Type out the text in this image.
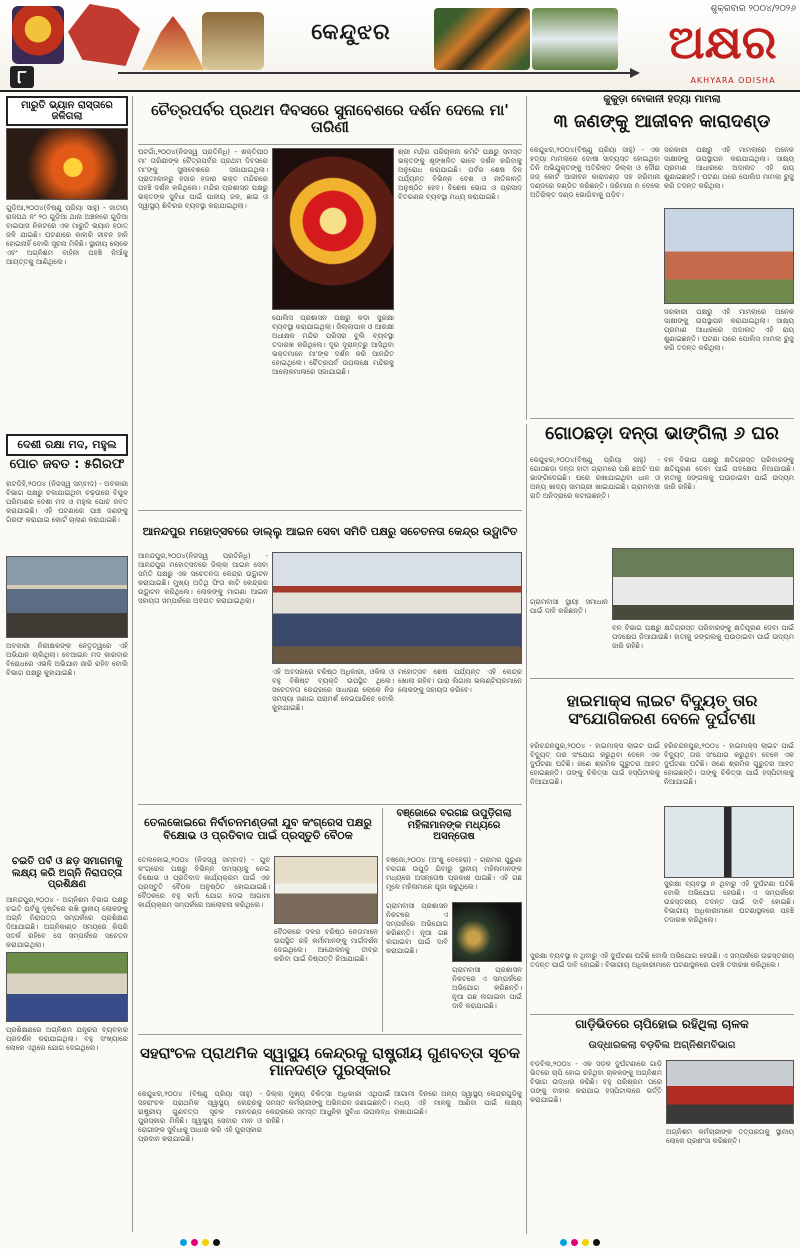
କେନ୍ଦୁଝର
ଶୁକ୍ରବାର ୨୦୦୪/୨୦୨୬
ଅକ୍ଷର
AKHYARA ODISHA
୮
ମାରୁତି ଭ୍ୟାନ ରାସ୍ତାରେ ଜଳିଗଲା
ଗୁଡ଼ିଆ,୨୦୦୪(ବିଷ୍ଣୁ ପ୍ରିୟା ସାହୁ) - ଜାତୀୟ ରାଜପଥ ନଂ ୨୦ ଗୁଡ଼ିଆ ଥାନା ଅଞ୍ଚଳରେ ଗୁଡ଼ିଆ ବାଇପାସ ନିକଟରେ ଏକ ମାରୁତି ଭ୍ୟାନ ହଠାତ୍ ଜଳି ଯାଇଛି। ଘଟଣାରେ କାହାରି ଜୀବନ ହାନି ହୋଇନାହିଁ ବୋଲି ସୂଚନା ମିଳିଛି। ସ୍ଥାନୀୟ ଲୋକେ ଏବଂ ଅଗ୍ନିଶମ ବାହିନୀ ପହଞ୍ଚି ନିଆଁକୁ ଆୟତ୍ତକୁ ଆଣିଥିଲେ।
ଦେଶୀ ରକ୍ଷା ମଦ, ମହୁଲ
ପୋଚ ଜବତ : ୫ଗିରଫ
ହାଟଡିହି,୨୦୦୪ (ନିଜସ୍ୱ ସମ୍ବାଦ) - ଅବକାରୀ ବିଭାଗ ପକ୍ଷରୁ ଚଳାଯାଇଥିବା ଚଢ଼ଉରେ ବିପୁଳ ପରିମାଣର ଦେଶୀ ମଦ ଓ ମହୁଲ ପୋଚ ଜବତ କରାଯାଇଛି। ଏହି ଘଟଣାରେ ପାଞ୍ଚ ଜଣଙ୍କୁ ଗିରଫ କରାଯାଇ କୋର୍ଟ ଚାଲାଣ କରାଯାଇଛି।
ଅବକାରୀ ନିରୀକ୍ଷକଙ୍କ ନେତୃତ୍ୱରେ ଏହି ଅଭିଯାନ ଚାଲିଥିଲା। ବେଆଇନ ମଦ କାରବାର ବିରୋଧରେ ଏଭଳି ଅଭିଯାନ ଜାରି ରହିବ ବୋଲି ବିଭାଗ ପକ୍ଷରୁ କୁହାଯାଇଛି।
ଚଇତି ପର୍ବ ଓ ଛଡ଼ ସମାଗମକୁ ଲକ୍ଷ୍ୟ କରି ଅଗ୍ନି ନିରାପତ୍ତା ପ୍ରଶିକ୍ଷଣ
ଆନନ୍ଦପୁର,୨୦୦୪ - ଅଗ୍ନିଶମ ବିଭାଗ ପକ୍ଷରୁ ଚଇତି ପର୍ବକୁ ଦୃଷ୍ଟିରେ ରଖି ସ୍ଥାନୀୟ ଲୋକଙ୍କୁ ଅଗ୍ନି ନିରାପତ୍ତା ସମ୍ପର୍କରେ ପ୍ରଶିକ୍ଷଣ ଦିଆଯାଇଛି। ଅଗ୍ନିକାଣ୍ଡ ସମୟରେ କିପରି ସତର୍କ ରହିବେ ସେ ସମ୍ପର୍କରେ ସଚେତନ କରାଯାଇଥିଲା।
ପ୍ରଶିକ୍ଷଣରେ ଅଗ୍ନିଶମ ଯନ୍ତ୍ରର ବ୍ୟବହାର ପ୍ରଦର୍ଶନ କରାଯାଇଥିଲା। ବହୁ ସଂଖ୍ୟାରେ ଲୋକେ ଏଥିରେ ଯୋଗ ଦେଇଥିଲେ।
ଚୈତ୍ରପର୍ବର ପ୍ରଥମ ଦିବସରେ ସୁନାବେଶରେ ଦର୍ଶନ ଦେଲେ ମା' ତାରିଣୀ
ଘଟଗାଁ,୨୦୦୪(ନିଜସ୍ୱ ପ୍ରତିନିଧି) - ଶକ୍ତିପୀଠ ମା' ତାରିଣୀଙ୍କ ଚୈତ୍ରପର୍ବର ପ୍ରଥମ ଦିବସରେ ମା'ଙ୍କୁ ସୁନାବେଶରେ ସଜାଯାଇଥିଲା। ପ୍ରାତଃକାଳରୁ ହଜାର ହଜାର ଭକ୍ତ ମନ୍ଦିରରେ ପହଞ୍ଚି ଦର୍ଶନ କରିଥିଲେ। ମନ୍ଦିର ପ୍ରଶାସନ ପକ୍ଷରୁ ଭକ୍ତଙ୍କ ସୁବିଧା ପାଇଁ ପାନୀୟ ଜଳ, ଛାଇ ଓ ସ୍ୱାସ୍ଥ୍ୟ ଶିବିରର ବ୍ୟବସ୍ଥା କରାଯାଇଥିଲା।
ପୋଲିସ ପ୍ରଶାସନ ପକ୍ଷରୁ କଡ଼ା ସୁରକ୍ଷା ବ୍ୟବସ୍ଥା କରାଯାଇଥିଲା। ଜିଲ୍ଲାପାଳ ଓ ଆରକ୍ଷୀ ଅଧୀକ୍ଷକ ମନ୍ଦିର ପରିସର ବୁଲି ବ୍ୟବସ୍ଥା ତଦାରଖ କରିଥିଲେ। ଦୂର ଦୂରାନ୍ତରୁ ଆସିଥିବା ଭକ୍ତମାନେ ମା'ଙ୍କ ଦର୍ଶନ କରି ଆନନ୍ଦିତ ହୋଇଥିଲେ। ଚୈତ୍ରପର୍ବ ଉପଲକ୍ଷେ ମନ୍ଦିରକୁ ଆଲୋକମାଳାରେ ସଜାଯାଇଛି।
ଶ୍ରୀ ମନ୍ଦିର ପରିଚାଳନା କମିଟି ପକ୍ଷରୁ ସମସ୍ତ ଭକ୍ତଙ୍କୁ ଶୃଙ୍ଖଳିତ ଭାବେ ଦର୍ଶନ କରିବାକୁ ଅନୁରୋଧ କରାଯାଇଛି। ପର୍ବର ଶେଷ ଦିନ ପର୍ଯ୍ୟନ୍ତ ବିଭିନ୍ନ ବେଶ ଓ ନୀତିକାନ୍ତି ଅନୁଷ୍ଠିତ ହେବ। ବିଶେଷ ଭୋଗ ଓ ପ୍ରସାଦ ବିତରଣର ବ୍ୟବସ୍ଥା ମଧ୍ୟ କରାଯାଇଛି।
କୁକୁଡ଼ା ବୋକାନୀ ହତ୍ୟା ମାମଲା
୩ ଜଣଙ୍କୁ ଆଜୀବନ କାରାଦଣ୍ଡ
କେନ୍ଦୁଝର,୨୦୦୪(ବିଷ୍ଣୁ ପ୍ରିୟା ସାହୁ) - ଏକ ହତ୍ୟା ମାମଲାରେ ଦୋଷୀ ସାବ୍ୟସ୍ତ ହୋଇଥିବା ତିନି ଅଭିଯୁକ୍ତଙ୍କୁ ଅତିରିକ୍ତ ଜିଲ୍ଲା ଓ ଦୌରା ଜଜ୍ କୋର୍ଟ ଆଜୀବନ କାରାଦଣ୍ଡ ସହ ଜରିମାନା ଦଣ୍ଡରେ ଦଣ୍ଡିତ କରିଛନ୍ତି। ଜରିମାନା ନ ଦେଲେ ଅତିରିକ୍ତ ଦଣ୍ଡ ଭୋଗିବାକୁ ପଡ଼ିବ।
ସରକାରୀ ପକ୍ଷରୁ ଏହି ମାମଲାରେ ଅନେକ ସାକ୍ଷୀଙ୍କୁ ଉପସ୍ଥାପନ କରାଯାଇଥିଲା। ସାକ୍ଷ୍ୟ ପ୍ରମାଣ ଆଧାରରେ ଅଦାଲତ ଏହି ରାୟ ଶୁଣାଇଛନ୍ତି। ଘଟଣା ପରେ ପୋଲିସ ମାମଲା ରୁଜୁ କରି ତଦନ୍ତ କରିଥିଲା।
ସରକାରୀ ପକ୍ଷରୁ ଏହି ମାମଲାରେ ଅନେକ ସାକ୍ଷୀଙ୍କୁ ଉପସ୍ଥାପନ କରାଯାଇଥିଲା। ସାକ୍ଷ୍ୟ ପ୍ରମାଣ ଆଧାରରେ ଅଦାଲତ ଏହି ରାୟ ଶୁଣାଇଛନ୍ତି। ଘଟଣା ପରେ ପୋଲିସ ମାମଲା ରୁଜୁ କରି ତଦନ୍ତ କରିଥିଲା।
ଆନନ୍ଦପୁର ମହୋତ୍ସବରେ ଡାଲ୍ଲୁ ଆଇନ ସେବା ସମିତି ପକ୍ଷରୁ ସଚେତନତା କେନ୍ଦ୍ର ଉଦ୍ଘାଟିତ
ଆନନ୍ଦପୁର,୨୦୦୪(ନିଜସ୍ୱ ପ୍ରତିନିଧି) - ଆନନ୍ଦପୁର ମହୋତ୍ସବରେ ଜିଲ୍ଲା ଆଇନ ସେବା ସମିତି ପକ୍ଷରୁ ଏକ ସଚେତନତା କେନ୍ଦ୍ର ଉଦ୍ଘାଟନ କରାଯାଇଛି। ମୁଖ୍ୟ ଅତିଥି ଫିତା କାଟି କେନ୍ଦ୍ରର ଉଦ୍ଘାଟନ କରିଥିଲେ। ଲୋକଙ୍କୁ ମାଗଣା ଆଇନ ସହାୟତା ସମ୍ପର୍କରେ ଅବଗତ କରାଯାଇଥିଲା।
ଏହି ଅବସରରେ ବରିଷ୍ଠ ଅଧିକାରୀ, ଓକିଲ ଓ ବହୁ ବିଶିଷ୍ଟ ବ୍ୟକ୍ତି ଉପସ୍ଥିତ ଥିଲେ। ସଚେତନତା କେନ୍ଦ୍ରରେ ସାଧାରଣ ଲୋକେ ନିଜ ସମସ୍ୟା ଜଣାଇ ପରାମର୍ଶ ନେଇପାରିବେ ବୋଲି କୁହାଯାଇଛି।
ମହୋତ୍ସବ ଶେଷ ପର୍ଯ୍ୟନ୍ତ ଏହି କେନ୍ଦ୍ର ଖୋଲା ରହିବ। ପାରା ଲିଗାଲ ଭଲଣ୍ଟିୟରମାନେ ଲୋକଙ୍କୁ ସହାୟତା କରିବେ।
ଗୋଠଛଡ଼ା ଦନ୍ତା ଭାଙ୍ଗିଲା ୬ ଘର
କେନ୍ଦୁଝର,୨୦୦୪(ବିଷ୍ଣୁ ପ୍ରିୟା ସାହୁ) - ଗୋଠଛଡ଼ା ଦନ୍ତା ହାତୀ ଗ୍ରାମରେ ପଶି ଛଅଟି ଘର ଭାଙ୍ଗିଦେଇଛି। ଘରେ ରଖାଯାଇଥିବା ଧାନ ଓ ଅନ୍ୟ ଖାଦ୍ୟ ସାମଗ୍ରୀ ଖାଇଯାଇଛି। ଗ୍ରାମବାସୀ ରାତି ଅନିଦ୍ରାରେ କଟାଉଛନ୍ତି।
ବନ ବିଭାଗ ପକ୍ଷରୁ କ୍ଷତିଗ୍ରସ୍ତ ପରିବାରଙ୍କୁ କ୍ଷତିପୂରଣ ଦେବା ପାଇଁ ପଦକ୍ଷେପ ନିଆଯାଉଛି। ହାତୀକୁ ଜଙ୍ଗଲକୁ ଘଉଡ଼ାଇବା ପାଇଁ ଉଦ୍ୟମ ଜାରି ରହିଛି।
ଗ୍ରାମବାସୀ ସ୍ଥାୟୀ ସମାଧାନ ପାଇଁ ଦାବି କରିଛନ୍ତି।
ବନ ବିଭାଗ ପକ୍ଷରୁ କ୍ଷତିଗ୍ରସ୍ତ ପରିବାରଙ୍କୁ କ୍ଷତିପୂରଣ ଦେବା ପାଇଁ ପଦକ୍ଷେପ ନିଆଯାଉଛି। ହାତୀକୁ ଜଙ୍ଗଲକୁ ଘଉଡ଼ାଇବା ପାଇଁ ଉଦ୍ୟମ ଜାରି ରହିଛି।
ତେଲକୋଇରେ ନିର୍ବାଚନମଣ୍ଡଳୀ ଯୁବ କଂଗ୍ରେସ ପକ୍ଷରୁ ବିକ୍ଷୋଭ ଓ ପ୍ରତିବାଦ ପାଇଁ ପ୍ରସ୍ତୁତି ବୈଠକ
ତେଲକୋଇ,୨୦୦୪ (ନିଜସ୍ୱ ସମ୍ବାଦ) - ଯୁବ କଂଗ୍ରେସ ପକ୍ଷରୁ ବିଭିନ୍ନ ସମସ୍ୟାକୁ ନେଇ ବିକ୍ଷୋଭ ଓ ପ୍ରତିବାଦ କାର୍ଯ୍ୟକ୍ରମ ପାଇଁ ଏକ ପ୍ରସ୍ତୁତି ବୈଠକ ଅନୁଷ୍ଠିତ ହୋଇଯାଇଛି। ବୈଠକରେ ବହୁ କର୍ମୀ ଯୋଗ ଦେଇ ଆଗାମୀ କାର୍ଯ୍ୟକ୍ରମ ସମ୍ପର୍କରେ ଆଲୋଚନା କରିଥିଲେ।
ବୈଠକରେ ଦଳର ବରିଷ୍ଠ ନେତାମାନେ ଉପସ୍ଥିତ ରହି କର୍ମୀମାନଙ୍କୁ ମାର୍ଗଦର୍ଶନ ଦେଇଥିଲେ। ଆନ୍ଦୋଳନକୁ ତୀବ୍ର କରିବା ପାଇଁ ନିଷ୍ପତ୍ତି ନିଆଯାଇଛି।
ବଞ୍ଜୋରେ ବରଗଛ ଉପୁଡ଼ିଗଲା ମହିଳାମାନଙ୍କ ମଧ୍ୟରେ ଅସନ୍ତୋଷ
ବଞ୍ଜୋ,୨୦୦୪ (ଅଂଶୁ ବେହେରା) - ଗ୍ରାମର ପୁରୁଣା ବରଗଛ ଉପୁଡ଼ି ଯିବାରୁ ସ୍ଥାନୀୟ ମହିଳାମାନଙ୍କ ମଧ୍ୟରେ ଅସନ୍ତୋଷ ପ୍ରକାଶ ପାଇଛି। ଏହି ଗଛ ମୂଳେ ମହିଳାମାନେ ପୂଜା କରୁଥିଲେ।
ଗ୍ରାମବାସୀ ପ୍ରଶାସନ ନିକଟରେ ଏ ସମ୍ପର୍କରେ ଅଭିଯୋଗ କରିଛନ୍ତି। ନୂଆ ଗଛ ଲଗାଇବା ପାଇଁ ଦାବି କରାଯାଇଛି।
ଗ୍ରାମବାସୀ ପ୍ରଶାସନ ନିକଟରେ ଏ ସମ୍ପର୍କରେ ଅଭିଯୋଗ କରିଛନ୍ତି। ନୂଆ ଗଛ ଲଗାଇବା ପାଇଁ ଦାବି କରାଯାଇଛି।
ହାଇମାକ୍ସ ଲାଇଟ ବିଦ୍ୟୁତ୍ ତାର ସଂଯୋଗିକରଣ ବେଳେ ଦୁର୍ଘଟଣା
ହରିଚନ୍ଦନପୁର,୨୦୦୪ - ହାଇମାକ୍ସ ଲାଇଟ ପାଇଁ ବିଦ୍ୟୁତ୍ ତାର ସଂଯୋଗ କରୁଥିବା ବେଳେ ଏକ ଦୁର୍ଘଟଣା ଘଟିଛି। ଜଣେ ଶ୍ରମିକ ଗୁରୁତର ଆହତ ହୋଇଛନ୍ତି। ତାଙ୍କୁ ଚିକିତ୍ସା ପାଇଁ ହସ୍ପିଟାଲକୁ ନିଆଯାଇଛି।
ହରିଚନ୍ଦନପୁର,୨୦୦୪ - ହାଇମାକ୍ସ ଲାଇଟ ପାଇଁ ବିଦ୍ୟୁତ୍ ତାର ସଂଯୋଗ କରୁଥିବା ବେଳେ ଏକ ଦୁର୍ଘଟଣା ଘଟିଛି। ଜଣେ ଶ୍ରମିକ ଗୁରୁତର ଆହତ ହୋଇଛନ୍ତି। ତାଙ୍କୁ ଚିକିତ୍ସା ପାଇଁ ହସ୍ପିଟାଲକୁ ନିଆଯାଇଛି।
ସୁରକ୍ଷା ବ୍ୟବସ୍ଥା ନ ଥିବାରୁ ଏହି ଦୁର୍ଘଟଣା ଘଟିଛି ବୋଲି ଅଭିଯୋଗ ହେଉଛି। ଏ ସମ୍ପର୍କରେ ଉଚ୍ଚସ୍ତରୀୟ ତଦନ୍ତ ପାଇଁ ଦାବି ହୋଇଛି। ବିଭାଗୀୟ ଅଧିକାରୀମାନେ ଘଟଣାସ୍ଥଳରେ ପହଞ୍ଚି ତଦାରଖ କରିଥିଲେ।
ସୁରକ୍ଷା ବ୍ୟବସ୍ଥା ନ ଥିବାରୁ ଏହି ଦୁର୍ଘଟଣା ଘଟିଛି ବୋଲି ଅଭିଯୋଗ ହେଉଛି। ଏ ସମ୍ପର୍କରେ ଉଚ୍ଚସ୍ତରୀୟ ତଦନ୍ତ ପାଇଁ ଦାବି ହୋଇଛି। ବିଭାଗୀୟ ଅଧିକାରୀମାନେ ଘଟଣାସ୍ଥଳରେ ପହଞ୍ଚି ତଦାରଖ କରିଥିଲେ।
ଗାଡ଼ିଭିତରେ ଚାପିହୋଇ ରହିଥିଲା ଚାଳକ
ଉଦ୍ଧାରକଲା ବଡ଼ବିଲ ଅଗ୍ନିଶମବିଭାଗ
ବଡ଼ବିଲ,୨୦୦୪ - ଏକ ସଡ଼କ ଦୁର୍ଘଟଣାରେ ଗାଡ଼ି ଭିତରେ ଚାପି ହୋଇ ରହିଥିବା ଚାଳକଙ୍କୁ ଅଗ୍ନିଶମ ବିଭାଗ ଉଦ୍ଧାର କରିଛି। ବହୁ ପରିଶ୍ରମ ପରେ ତାଙ୍କୁ ବାହାର କରାଯାଇ ହସ୍ପିଟାଲରେ ଭର୍ତ୍ତି କରାଯାଇଛି।
ଅଗ୍ନିଶମ କର୍ମଚାରୀଙ୍କ ତତ୍ପରତାକୁ ସ୍ଥାନୀୟ ଲୋକେ ପ୍ରଶଂସା କରିଛନ୍ତି।
ସହରାଂଚଳ ପ୍ରାଥମିକ ସ୍ୱାସ୍ଥ୍ୟ କେନ୍ଦ୍ରକୁ ରାଷ୍ଟ୍ରୀୟ ଗୁଣବତ୍ତା ସୂଚକ ମାନଦଣ୍ଡ ପୁରସ୍କାର
କେନ୍ଦୁଝର,୨୦୦୪ (ବିଷ୍ଣୁ ପ୍ରିୟା ସାହୁ) - ସହରାଂଚଳ ପ୍ରାଥମିକ ସ୍ୱାସ୍ଥ୍ୟ କେନ୍ଦ୍ରକୁ ରାଷ୍ଟ୍ରୀୟ ଗୁଣବତ୍ତା ସୂଚକ ମାନଦଣ୍ଡ ପୁରସ୍କାର ମିଳିଛି। ସ୍ୱାସ୍ଥ୍ୟ ସେବାର ମାନ ଓ ରୋଗୀଙ୍କ ସୁବିଧାକୁ ଆଧାର କରି ଏହି ପୁରସ୍କାର ପ୍ରଦାନ କରାଯାଇଛି।
ଜିଲ୍ଲା ମୁଖ୍ୟ ଚିକିତ୍ସା ଅଧିକାରୀ ଏଥିପାଇଁ ସମସ୍ତ କର୍ମଚାରୀଙ୍କୁ ଅଭିନନ୍ଦନ ଜଣାଇଛନ୍ତି। କେନ୍ଦ୍ରରେ ସମସ୍ତ ଆଧୁନିକ ସୁବିଧା ଉପଲବ୍ଧ ରହିଛି।
ଆଗାମୀ ଦିନରେ ଅନ୍ୟ ସ୍ୱାସ୍ଥ୍ୟ କେନ୍ଦ୍ରଗୁଡ଼ିକୁ ମଧ୍ୟ ଏହି ମାନକୁ ଆଣିବା ପାଇଁ ଲକ୍ଷ୍ୟ ରଖାଯାଇଛି।
